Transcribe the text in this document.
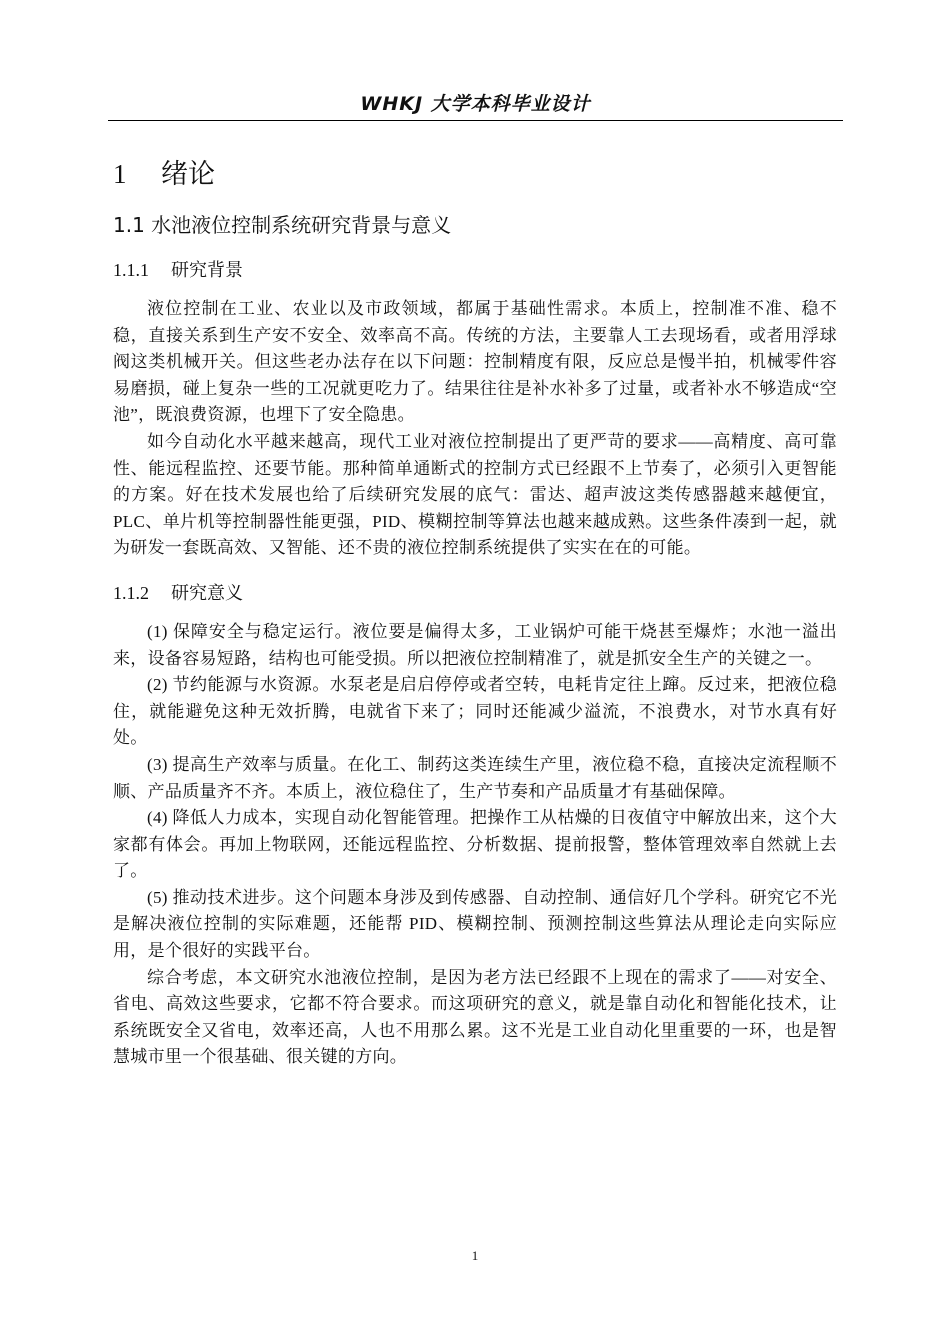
WHKJ 大学本科毕业设计
1 绪论
1.1 水池液位控制系统研究背景与意义
1.1.1 研究背景

液位控制在工业、农业以及市政领域，都属于基础性需求。本质上，控制准不准、稳不稳，直接关系到生产安不安全、效率高不高。传统的方法，主要靠人工去现场看，或者用浮球阀这类机械开关。但这些老办法存在以下问题：控制精度有限，反应总是慢半拍，机械零件容易磨损，碰上复杂一些的工况就更吃力了。结果往往是补水补多了过量，或者补水不够造成“空池”，既浪费资源，也埋下了安全隐患。

如今自动化水平越来越高，现代工业对液位控制提出了更严苛的要求——高精度、高可靠性、能远程监控、还要节能。那种简单通断式的控制方式已经跟不上节奏了，必须引入更智能的方案。好在技术发展也给了后续研究发展的底气：雷达、超声波这类传感器越来越便宜，PLC、单片机等控制器性能更强，PID、模糊控制等算法也越来越成熟。这些条件凑到一起，就为研发一套既高效、又智能、还不贵的液位控制系统提供了实实在在的可能。

1.1.2 研究意义

(1) 保障安全与稳定运行。液位要是偏得太多，工业锅炉可能干烧甚至爆炸；水池一溢出来，设备容易短路，结构也可能受损。所以把液位控制精准了，就是抓安全生产的关键之一。

(2) 节约能源与水资源。水泵老是启启停停或者空转，电耗肯定往上蹿。反过来，把液位稳住，就能避免这种无效折腾，电就省下来了；同时还能减少溢流，不浪费水，对节水真有好处。

(3) 提高生产效率与质量。在化工、制药这类连续生产里，液位稳不稳，直接决定流程顺不顺、产品质量齐不齐。本质上，液位稳住了，生产节奏和产品质量才有基础保障。

(4) 降低人力成本，实现自动化智能管理。把操作工从枯燥的日夜值守中解放出来，这个大家都有体会。再加上物联网，还能远程监控、分析数据、提前报警，整体管理效率自然就上去了。

(5) 推动技术进步。这个问题本身涉及到传感器、自动控制、通信好几个学科。研究它不光是解决液位控制的实际难题，还能帮 PID、模糊控制、预测控制这些算法从理论走向实际应用，是个很好的实践平台。

综合考虑，本文研究水池液位控制，是因为老方法已经跟不上现在的需求了——对安全、省电、高效这些要求，它都不符合要求。而这项研究的意义，就是靠自动化和智能化技术，让系统既安全又省电，效率还高，人也不用那么累。这不光是工业自动化里重要的一环，也是智慧城市里一个很基础、很关键的方向。

1
